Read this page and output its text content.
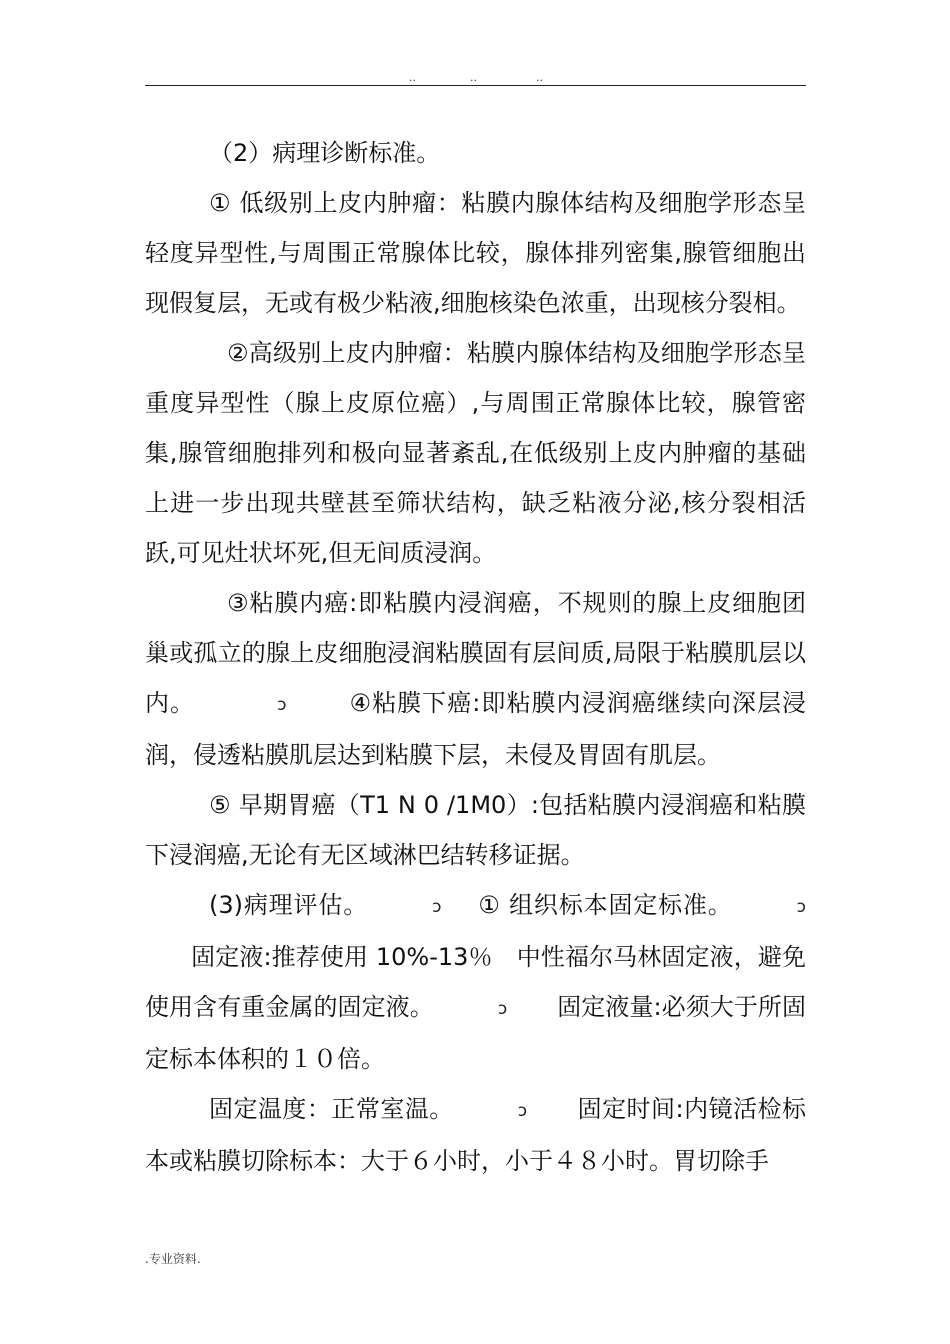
..	..	..

（2）病理诊断标准。

① 低级别上皮内肿瘤：粘膜内腺体结构及细胞学形态呈轻度异型性,与周围正常腺体比较，腺体排列密集,腺管细胞出现假复层，无或有极少粘液,细胞核染色浓重，出现核分裂相。

②高级别上皮内肿瘤：粘膜内腺体结构及细胞学形态呈重度异型性（腺上皮原位癌）,与周围正常腺体比较，腺管密集,腺管细胞排列和极向显著紊乱,在低级别上皮内肿瘤的基础上进一步出现共壁甚至筛状结构，缺乏粘液分泌,核分裂相活跃,可见灶状坏死,但无间质浸润。

③粘膜内癌:即粘膜内浸润癌，不规则的腺上皮细胞团巢或孤立的腺上皮细胞浸润粘膜固有层间质,局限于粘膜肌层以内。	ↄ	④粘膜下癌:即粘膜内浸润癌继续向深层浸润，侵透粘膜肌层达到粘膜下层，未侵及胃固有肌层。

⑤ 早期胃癌（T1 N 0 /1M0）:包括粘膜内浸润癌和粘膜下浸润癌,无论有无区域淋巴结转移证据。

(3)病理评估。	ↄ ① 组织标本固定标准。	ↄ固定液:推荐使用 10%-13％　中性福尔马林固定液，避免使用含有重金属的固定液。	ↄ 固定液量:必须大于所固定标本体积的１０倍。

固定温度：正常室温。	ↄ 固定时间:内镜活检标本或粘膜切除标本：大于６小时，小于４８小时。胃切除手

.专业资料.
